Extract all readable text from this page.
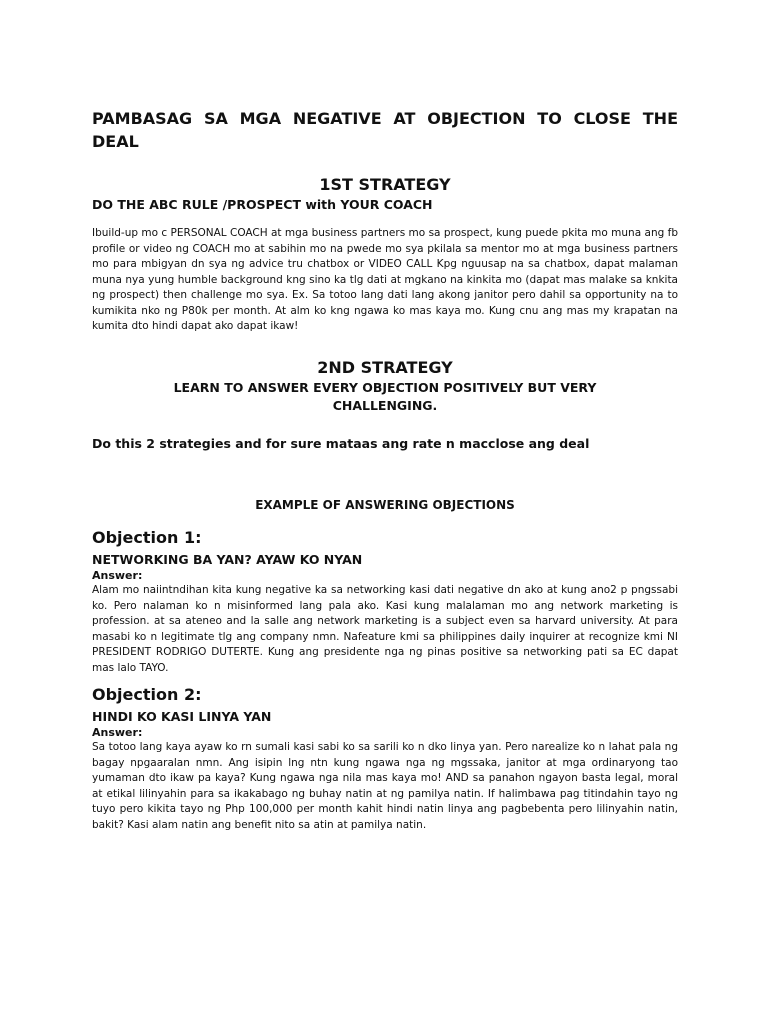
PAMBASAG SA MGA NEGATIVE AT OBJECTION TO CLOSE THE DEAL
1ST STRATEGY

DO THE ABC RULE /PROSPECT with YOUR COACH

Ibuild-up mo c PERSONAL COACH at mga business partners mo sa prospect, kung puede pkita mo muna ang fb profile or video ng COACH mo at sabihin mo na pwede mo sya pkilala sa mentor mo at mga business partners mo para mbigyan dn sya ng advice tru chatbox or VIDEO CALL Kpg nguusap na sa chatbox, dapat malaman muna nya yung humble background kng sino ka tlg dati at mgkano na kinkita mo (dapat mas malake sa knkita ng prospect) then challenge mo sya. Ex. Sa totoo lang dati lang akong janitor pero dahil sa opportunity na to kumikita nko ng P80k per month. At alm ko kng ngawa ko mas kaya mo. Kung cnu ang mas my krapatan na kumita dto hindi dapat ako dapat ikaw!

2ND STRATEGY

LEARN TO ANSWER EVERY OBJECTION POSITIVELY BUT VERY CHALLENGING.

Do this 2 strategies and for sure mataas ang rate n macclose ang deal

EXAMPLE OF ANSWERING OBJECTIONS
Objection 1:

NETWORKING BA YAN? AYAW KO NYAN

Answer:

Alam mo naiintndihan kita kung negative ka sa networking kasi dati negative dn ako at kung ano2 p pngssabi ko. Pero nalaman ko n misinformed lang pala ako. Kasi kung malalaman mo ang network marketing is profession. at sa ateneo and la salle ang network marketing is a subject even sa harvard university. At para masabi ko n legitimate tlg ang company nmn. Nafeature kmi sa philippines daily inquirer at recognize kmi NI PRESIDENT RODRIGO DUTERTE. Kung ang presidente nga ng pinas positive sa networking pati sa EC dapat mas lalo TAYO.

Objection 2:

HINDI KO KASI LINYA YAN

Answer:

Sa totoo lang kaya ayaw ko rn sumali kasi sabi ko sa sarili ko n dko linya yan. Pero narealize ko n lahat pala ng bagay npgaaralan nmn. Ang isipin lng ntn kung ngawa nga ng mgssaka, janitor at mga ordinaryong tao yumaman dto ikaw pa kaya? Kung ngawa nga nila mas kaya mo! AND sa panahon ngayon basta legal, moral at etikal lilinyahin para sa ikakabago ng buhay natin at ng pamilya natin. If halimbawa pag titindahin tayo ng tuyo pero kikita tayo ng Php 100,000 per month kahit hindi natin linya ang pagbebenta pero lilinyahin natin, bakit? Kasi alam natin ang benefit nito sa atin at pamilya natin.
